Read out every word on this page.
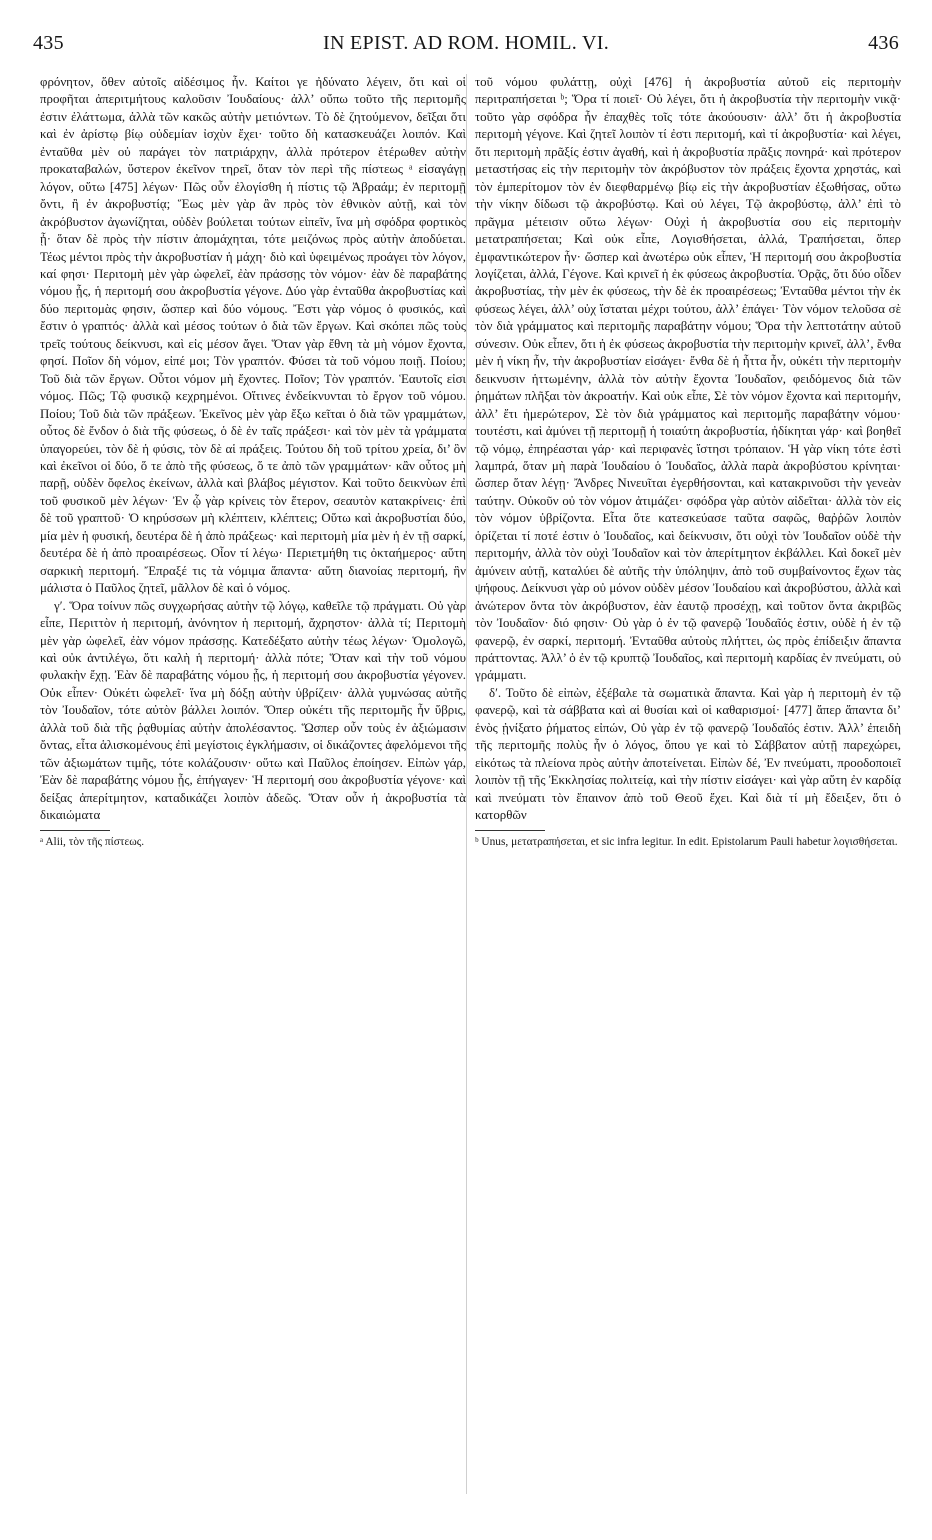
435	IN EPIST. AD ROM. HOMIL. VI.	436

φρόνητον, ὅθεν αὐτοῖς αἰδέσιμος ἦν. Καίτοι γε ἠδύνατο λέγειν, ὅτι καὶ οἱ προφῆται ἀπεριτμήτους καλοῦσιν Ἰουδαίους· ἀλλ’ οὔπω τοῦτο τῆς περιτομῆς ἐστιν ἐλάττωμα, ἀλλὰ τῶν κακῶς αὐτὴν μετιόντων. Τὸ δὲ ζητούμενον, δεῖξαι ὅτι καὶ ἐν ἀρίστῳ βίῳ οὐδεμίαν ἰσχὺν ἔχει· τοῦτο δὴ κατασκευάζει λοιπόν. Καὶ ἐνταῦθα μὲν οὐ παράγει τὸν πατριάρχην, ἀλλὰ πρότερον ἑτέρωθεν αὐτὴν προκαταβαλών, ὕστερον ἐκεῖνον τηρεῖ, ὅταν τὸν περὶ τῆς πίστεως ᵃ εἰσαγάγῃ λόγον, οὕτω [475] λέγων· Πῶς οὖν ἐλογίσθη ἡ πίστις τῷ Ἀβραάμ; ἐν περιτομῇ ὄντι, ἢ ἐν ἀκροβυστίᾳ; Ἕως μὲν γὰρ ἂν πρὸς τὸν ἐθνικὸν αὐτῇ, καὶ τὸν ἀκρόβυστον ἀγωνίζηται, οὐδὲν βούλεται τούτων εἰπεῖν, ἵνα μὴ σφόδρα φορτικὸς ᾖ· ὅταν δὲ πρὸς τὴν πίστιν ἀπομάχηται, τότε μειζόνως πρὸς αὐτὴν ἀποδύεται. Τέως μέντοι πρὸς τὴν ἀκροβυστίαν ἡ μάχη· διὸ καὶ ὑφειμένως προάγει τὸν λόγον, καί φησι· Περιτομὴ μὲν γὰρ ὠφελεῖ, ἐὰν πράσσῃς τὸν νόμον· ἐὰν δὲ παραβάτης νόμου ᾖς, ἡ περιτομή σου ἀκροβυστία γέγονε. Δύο γὰρ ἐνταῦθα ἀκροβυστίας καὶ δύο περιτομὰς φησιν, ὥσπερ καὶ δύο νόμους. Ἔστι γὰρ νόμος ὁ φυσικός, καὶ ἔστιν ὁ γραπτός· ἀλλὰ καὶ μέσος τούτων ὁ διὰ τῶν ἔργων. Καὶ σκόπει πῶς τοὺς τρεῖς τούτους δείκνυσι, καὶ εἰς μέσον ἄγει. Ὅταν γὰρ ἔθνη τὰ μὴ νόμον ἔχοντα, φησί. Ποῖον δὴ νόμον, εἰπέ μοι; Τὸν γραπτόν. Φύσει τὰ τοῦ νόμου ποιῇ. Ποίου; Τοῦ διὰ τῶν ἔργων. Οὗτοι νόμον μὴ ἔχοντες. Ποῖον; Τὸν γραπτόν. Ἑαυτοῖς εἰσι νόμος. Πῶς; Τῷ φυσικῷ κεχρημένοι. Οἵτινες ἐνδείκνυνται τὸ ἔργον τοῦ νόμου. Ποίου; Τοῦ διὰ τῶν πράξεων. Ἐκεῖνος μὲν γὰρ ἔξω κεῖται ὁ διὰ τῶν γραμμάτων, οὗτος δὲ ἔνδον ὁ διὰ τῆς φύσεως, ὁ δὲ ἐν ταῖς πράξεσι· καὶ τὸν μὲν τὰ γράμματα ὑπαγορεύει, τὸν δὲ ἡ φύσις, τὸν δὲ αἱ πράξεις. Τούτου δὴ τοῦ τρίτου χρεία, δι’ ὃν καὶ ἐκεῖνοι οἱ δύο, ὅ τε ἀπὸ τῆς φύσεως, ὅ τε ἀπὸ τῶν γραμμάτων· κἂν οὗτος μὴ παρῇ, οὐδὲν ὄφελος ἐκείνων, ἀλλὰ καὶ βλάβος μέγιστον. Καὶ τοῦτο δεικνὺων ἐπὶ τοῦ φυσικοῦ μὲν λέγων· Ἐν ᾧ γὰρ κρίνεις τὸν ἕτερον, σεαυτὸν κατακρίνεις· ἐπὶ δὲ τοῦ γραπτοῦ· Ὁ κηρύσσων μὴ κλέπτειν, κλέπτεις; Οὕτω καὶ ἀκροβυστίαι δύο, μία μὲν ἡ φυσική, δευτέρα δὲ ἡ ἀπὸ πράξεως· καὶ περιτομὴ μία μὲν ἡ ἐν τῇ σαρκί, δευτέρα δὲ ἡ ἀπὸ προαιρέσεως. Οἷον τί λέγω· Περιετμήθη τις ὀκταήμερος· αὕτη σαρκικὴ περιτομή. Ἔπραξέ τις τὰ νόμιμα ἅπαντα· αὕτη διανοίας περιτομή, ἣν μάλιστα ὁ Παῦλος ζητεῖ, μᾶλλον δὲ καὶ ὁ νόμος.

γʹ. Ὅρα τοίνυν πῶς συγχωρήσας αὐτὴν τῷ λόγῳ, καθεῖλε τῷ πράγματι. Οὐ γὰρ εἶπε, Περιττὸν ἡ περιτομή, ἀνόνητον ἡ περιτομή, ἄχρηστον· ἀλλὰ τί; Περιτομὴ μὲν γὰρ ὠφελεῖ, ἐὰν νόμον πράσσῃς. Κατεδέξατο αὐτὴν τέως λέγων· Ὁμολογῶ, καὶ οὐκ ἀντιλέγω, ὅτι καλὴ ἡ περιτομή· ἀλλὰ πότε; Ὅταν καὶ τὴν τοῦ νόμου φυλακὴν ἔχῃ. Ἐὰν δὲ παραβάτης νόμου ᾖς, ἡ περιτομή σου ἀκροβυστία γέγονεν. Οὐκ εἶπεν· Οὐκέτι ὠφελεῖ· ἵνα μὴ δόξῃ αὐτὴν ὑβρίζειν· ἀλλὰ γυμνώσας αὐτῆς τὸν Ἰουδαῖον, τότε αὐτὸν βάλλει λοιπόν. Ὅπερ οὐκέτι τῆς περιτομῆς ἦν ὕβρις, ἀλλὰ τοῦ διὰ τῆς ῥᾳθυμίας αὐτὴν ἀπολέσαντος. Ὥσπερ οὖν τοὺς ἐν ἀξιώμασιν ὄντας, εἶτα ἁλισκομένους ἐπὶ μεγίστοις ἐγκλήμασιν, οἱ δικάζοντες ἀφελόμενοι τῆς τῶν ἀξιωμάτων τιμῆς, τότε κολάζουσιν· οὕτω καὶ Παῦλος ἐποίησεν. Εἰπὼν γάρ, Ἐὰν δὲ παραβάτης νόμου ᾖς, ἐπήγαγεν· Ἡ περιτομή σου ἀκροβυστία γέγονε· καὶ δείξας ἀπερίτμητον, καταδικάζει λοιπὸν ἀδεῶς. Ὅταν οὖν ἡ ἀκροβυστία τὰ δικαιώματα

ᵃ Alii, τὸν τῆς πίστεως.

τοῦ νόμου φυλάττῃ, οὐχὶ [476] ἡ ἀκροβυστία αὐτοῦ εἰς περιτομὴν περιτραπήσεται ᵇ; Ὅρα τί ποιεῖ· Οὐ λέγει, ὅτι ἡ ἀκροβυστία τὴν περιτομὴν νικᾷ· τοῦτο γὰρ σφόδρα ἦν ἐπαχθὲς τοῖς τότε ἀκούουσιν· ἀλλ’ ὅτι ἡ ἀκροβυστία περιτομὴ γέγονε. Καὶ ζητεῖ λοιπὸν τί ἐστι περιτομή, καὶ τί ἀκροβυστία· καὶ λέγει, ὅτι περιτομὴ πρᾶξίς ἐστιν ἀγαθή, καὶ ἡ ἀκροβυστία πρᾶξις πονηρά· καὶ πρότερον μεταστήσας εἰς τὴν περιτομὴν τὸν ἀκρόβυστον τὸν πράξεις ἔχοντα χρηστάς, καὶ τὸν ἐμπερίτομον τὸν ἐν διεφθαρμένῳ βίῳ εἰς τὴν ἀκροβυστίαν ἐξωθήσας, οὕτω τὴν νίκην δίδωσι τῷ ἀκροβύστῳ. Καὶ οὐ λέγει, Τῷ ἀκροβύστῳ, ἀλλ’ ἐπὶ τὸ πρᾶγμα μέτεισιν οὕτω λέγων· Οὐχὶ ἡ ἀκροβυστία σου εἰς περιτομὴν μετατραπήσεται; Καὶ οὐκ εἶπε, Λογισθήσεται, ἀλλά, Τραπήσεται, ὅπερ ἐμφαντικώτερον ἦν· ὥσπερ καὶ ἀνωτέρω οὐκ εἶπεν, Ἡ περιτομή σου ἀκροβυστία λογίζεται, ἀλλά, Γέγονε. Καὶ κρινεῖ ἡ ἐκ φύσεως ἀκροβυστία. Ὁρᾷς, ὅτι δύο οἶδεν ἀκροβυστίας, τὴν μὲν ἐκ φύσεως, τὴν δὲ ἐκ προαιρέσεως; Ἐνταῦθα μέντοι τὴν ἐκ φύσεως λέγει, ἀλλ’ οὐχ ἵσταται μέχρι τούτου, ἀλλ’ ἐπάγει· Τὸν νόμον τελοῦσα σὲ τὸν διὰ γράμματος καὶ περιτομῆς παραβάτην νόμου; Ὅρα τὴν λεπτοτάτην αὐτοῦ σύνεσιν. Οὐκ εἶπεν, ὅτι ἡ ἐκ φύσεως ἀκροβυστία τὴν περιτομὴν κρινεῖ, ἀλλ’, ἔνθα μὲν ἡ νίκη ἦν, τὴν ἀκροβυστίαν εἰσάγει· ἔνθα δὲ ἡ ἧττα ἦν, οὐκέτι τὴν περιτομὴν δεικνυσιν ἡττωμένην, ἀλλὰ τὸν αὐτὴν ἔχοντα Ἰουδαῖον, φειδόμενος διὰ τῶν ῥημάτων πλῆξαι τὸν ἀκροατήν. Καὶ οὐκ εἶπε, Σὲ τὸν νόμον ἔχοντα καὶ περιτομήν, ἀλλ’ ἔτι ἡμερώτερον, Σὲ τὸν διὰ γράμματος καὶ περιτομῆς παραβάτην νόμου· τουτέστι, καὶ ἀμύνει τῇ περιτομῇ ἡ τοιαύτη ἀκροβυστία, ἠδίκηται γάρ· καὶ βοηθεῖ τῷ νόμῳ, ἐπηρέασται γάρ· καὶ περιφανὲς ἵστησι τρόπαιον. Ἡ γὰρ νίκη τότε ἐστὶ λαμπρά, ὅταν μὴ παρὰ Ἰουδαίου ὁ Ἰουδαῖος, ἀλλὰ παρὰ ἀκροβύστου κρίνηται· ὥσπερ ὅταν λέγῃ· Ἄνδρες Νινευῖται ἐγερθήσονται, καὶ κατακρινοῦσι τὴν γενεὰν ταύτην. Οὐκοῦν οὐ τὸν νόμον ἀτιμάζει· σφόδρα γὰρ αὐτὸν αἰδεῖται· ἀλλὰ τὸν εἰς τὸν νόμον ὑβρίζοντα. Εἶτα ὅτε κατεσκεύασε ταῦτα σαφῶς, θαῤῥῶν λοιπὸν ὁρίζεται τί ποτέ ἐστιν ὁ Ἰουδαῖος, καὶ δείκνυσιν, ὅτι οὐχὶ τὸν Ἰουδαῖον οὐδὲ τὴν περιτομήν, ἀλλὰ τὸν οὐχὶ Ἰουδαῖον καὶ τὸν ἀπερίτμητον ἐκβάλλει. Καὶ δοκεῖ μὲν ἀμύνειν αὐτῇ, καταλύει δὲ αὐτῆς τὴν ὑπόληψιν, ἀπὸ τοῦ συμβαίνοντος ἔχων τὰς ψήφους. Δείκνυσι γὰρ οὐ μόνον οὐδὲν μέσον Ἰουδαίου καὶ ἀκροβύστου, ἀλλὰ καὶ ἀνώτερον ὄντα τὸν ἀκρόβυστον, ἐὰν ἑαυτῷ προσέχῃ, καὶ τοῦτον ὄντα ἀκριβῶς τὸν Ἰουδαῖον· διό φησιν· Οὐ γὰρ ὁ ἐν τῷ φανερῷ Ἰουδαῖός ἐστιν, οὐδὲ ἡ ἐν τῷ φανερῷ, ἐν σαρκί, περιτομή. Ἐνταῦθα αὐτοὺς πλήττει, ὡς πρὸς ἐπίδειξιν ἅπαντα πράττοντας. Ἀλλ’ ὁ ἐν τῷ κρυπτῷ Ἰουδαῖος, καὶ περιτομὴ καρδίας ἐν πνεύματι, οὐ γράμματι.

δʹ. Τοῦτο δὲ εἰπὼν, ἐξέβαλε τὰ σωματικὰ ἅπαντα. Καὶ γὰρ ἡ περιτομὴ ἐν τῷ φανερῷ, καὶ τὰ σάββατα καὶ αἱ θυσίαι καὶ οἱ καθαρισμοί· [477] ἅπερ ἅπαντα δι’ ἑνὸς ᾐνίξατο ῥήματος εἰπών, Οὐ γὰρ ἐν τῷ φανερῷ Ἰουδαῖός ἐστιν. Ἀλλ’ ἐπειδὴ τῆς περιτομῆς πολὺς ἦν ὁ λόγος, ὅπου γε καὶ τὸ Σάββατον αὐτῇ παρεχώρει, εἰκότως τὰ πλείονα πρὸς αὐτὴν ἀποτείνεται. Εἰπὼν δέ, Ἐν πνεύματι, προοδοποιεῖ λοιπὸν τῇ τῆς Ἐκκλησίας πολιτείᾳ, καὶ τὴν πίστιν εἰσάγει· καὶ γὰρ αὕτη ἐν καρδίᾳ καὶ πνεύματι τὸν ἔπαινον ἀπὸ τοῦ Θεοῦ ἔχει. Καὶ διὰ τί μὴ ἔδειξεν, ὅτι ὁ κατορθῶν

ᵇ Unus, μετατραπήσεται, et sic infra legitur. In edit. Epistolarum Pauli habetur λογισθήσεται.
